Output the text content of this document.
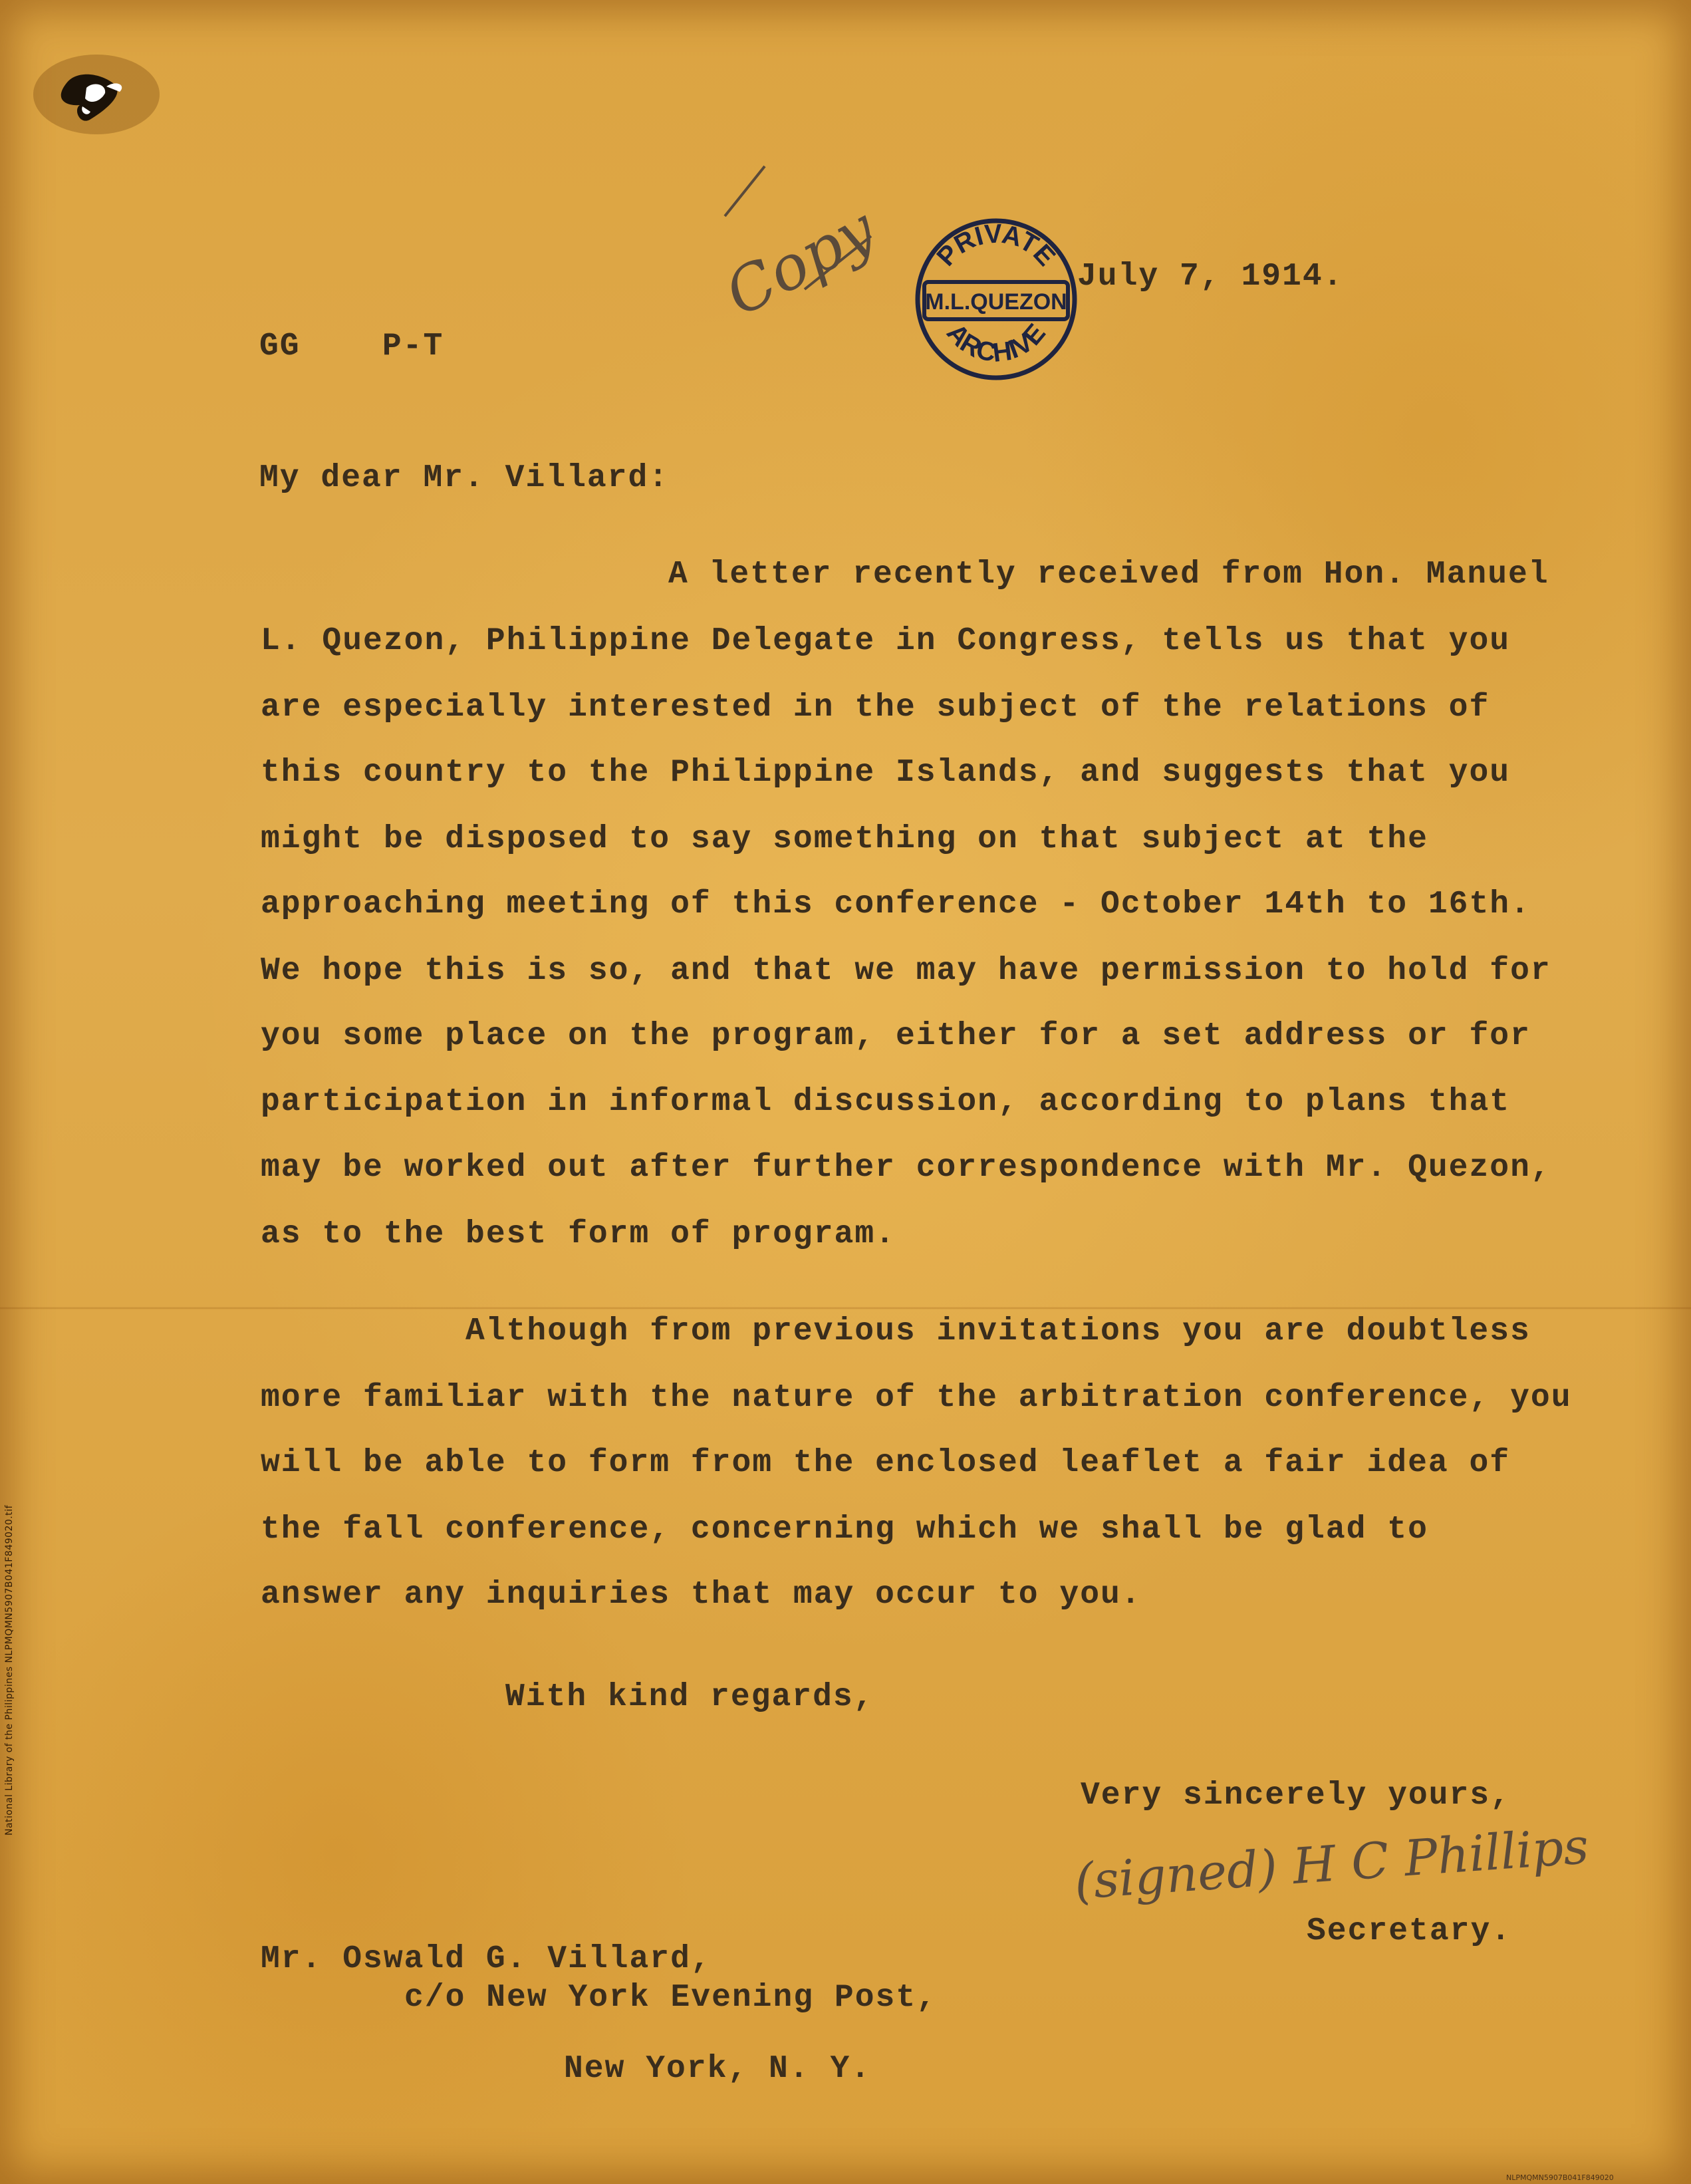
Copy PRIVATE
M.L.QUEZON
ARCHIVE

July 7, 1914.

GG    P-T

My dear Mr. Villard:

A letter recently received from Hon. Manuel

L. Quezon, Philippine Delegate in Congress, tells us that you

are especially interested in the subject of the relations of

this country to the Philippine Islands, and suggests that you

might be disposed to say something on that subject at the

approaching meeting of this conference - October 14th to 16th.

We hope this is so, and that we may have permission to hold for

you some place on the program, either for a set address or for

participation in informal discussion, according to plans that

may be worked out after further correspondence with Mr. Quezon,

as to the best form of program.

Although from previous invitations you are doubtless

more familiar with the nature of the arbitration conference, you

will be able to form from the enclosed leaflet a fair idea of

the fall conference, concerning which we shall be glad to

answer any inquiries that may occur to you.

With kind regards,

Very sincerely yours,

(signed) H C Phillips

Secretary.

Mr. Oswald G. Villard,

c/o New York Evening Post,

New York, N. Y.

National Library of the Philippines NLPMQMN5907B041F849020.tif
NLPMQMN5907B041F849020
